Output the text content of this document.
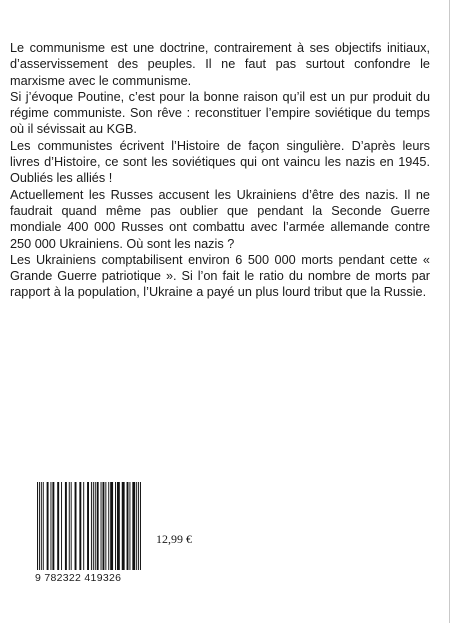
Le communisme est une doctrine, contrairement à ses objectifs initiaux, d’asservissement des peuples. Il ne faut pas surtout confondre le marxisme avec le communisme.

Si j’évoque Poutine, c’est pour la bonne raison qu’il est un pur produit du régime communiste. Son rêve : reconstituer l’empire soviétique du temps où il sévissait au KGB.

Les communistes écrivent l’Histoire de façon singulière. D’après leurs livres d’Histoire, ce sont les soviétiques qui ont vaincu les nazis en 1945. Oubliés les alliés !

Actuellement les Russes accusent les Ukrainiens d’être des nazis. Il ne faudrait quand même pas oublier que pendant la Seconde Guerre mondiale 400 000 Russes ont combattu avec l’armée allemande contre 250 000 Ukrainiens. Où sont les nazis ?

Les Ukrainiens comptabilisent environ 6 500 000 morts pendant cette « Grande Guerre patriotique ». Si l’on fait le ratio du nombre de morts par rapport à la population, l’Ukraine a payé un plus lourd tribut que la Russie.

9 782322 419326
12,99 €
